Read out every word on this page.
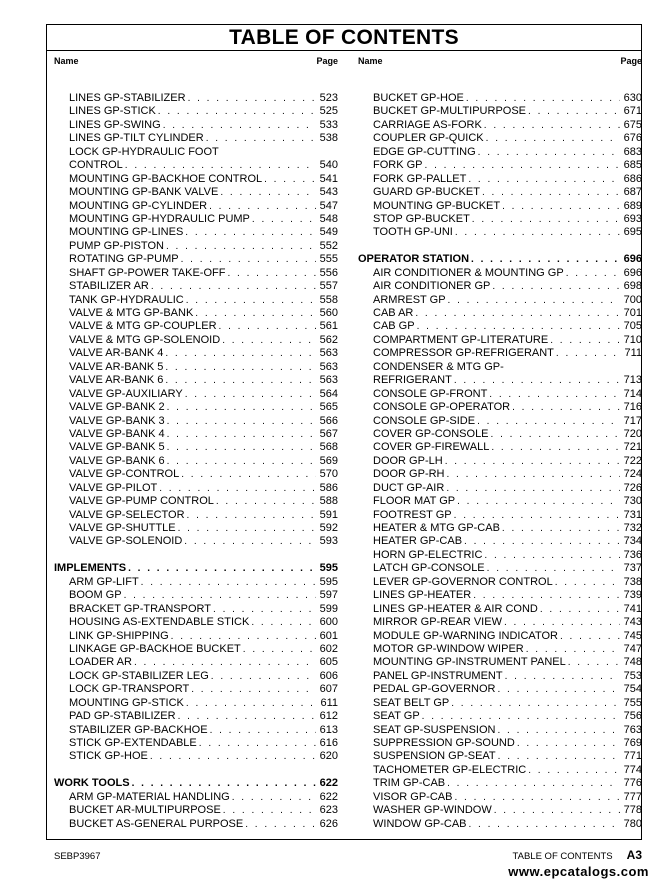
TABLE OF CONTENTS
Name	Page
LINES GP-STABILIZER . . .	523
LINES GP-STICK . . .	525
LINES GP-SWING . . .	533
LINES GP-TILT CYLINDER . . .	538
LOCK GP-HYDRAULIC FOOT
CONTROL . . .	540
MOUNTING GP-BACKHOE CONTROL . . .	541
MOUNTING GP-BANK VALVE . . .	543
MOUNTING GP-CYLINDER . . .	547
MOUNTING GP-HYDRAULIC PUMP . . .	548
MOUNTING GP-LINES . . .	549
PUMP GP-PISTON . . .	552
ROTATING GP-PUMP . . .	555
SHAFT GP-POWER TAKE-OFF . . .	556
STABILIZER AR . . .	557
TANK GP-HYDRAULIC . . .	558
VALVE & MTG GP-BANK . . .	560
VALVE & MTG GP-COUPLER . . .	561
VALVE & MTG GP-SOLENOID . . .	562
VALVE AR-BANK 4 . . .	563
VALVE AR-BANK 5 . . .	563
VALVE AR-BANK 6 . . .	563
VALVE GP-AUXILIARY . . .	564
VALVE GP-BANK 2 . . .	565
VALVE GP-BANK 3 . . .	566
VALVE GP-BANK 4 . . .	567
VALVE GP-BANK 5 . . .	568
VALVE GP-BANK 6 . . .	569
VALVE GP-CONTROL . . .	570
VALVE GP-PILOT . . .	586
VALVE GP-PUMP CONTROL . . .	588
VALVE GP-SELECTOR . . .	591
VALVE GP-SHUTTLE . . .	592
VALVE GP-SOLENOID . . .	593
IMPLEMENTS . . .	595
ARM GP-LIFT . . .	595
BOOM GP . . .	597
BRACKET GP-TRANSPORT . . .	599
HOUSING AS-EXTENDABLE STICK . . .	600
LINK GP-SHIPPING . . .	601
LINKAGE GP-BACKHOE BUCKET . . .	602
LOADER AR . . .	605
LOCK GP-STABILIZER LEG . . .	606
LOCK GP-TRANSPORT . . .	607
MOUNTING GP-STICK . . .	611
PAD GP-STABILIZER . . .	612
STABILIZER GP-BACKHOE . . .	613
STICK GP-EXTENDABLE . . .	616
STICK GP-HOE . . .	620
WORK TOOLS . . .	622
ARM GP-MATERIAL HANDLING . . .	622
BUCKET AR-MULTIPURPOSE . . .	623
BUCKET AS-GENERAL PURPOSE . . .	626
Name	Page
BUCKET GP-HOE . . .	630
BUCKET GP-MULTIPURPOSE . . .	671
CARRIAGE AS-FORK . . .	675
COUPLER GP-QUICK . . .	676
EDGE GP-CUTTING . . .	683
FORK GP . . .	685
FORK GP-PALLET . . .	686
GUARD GP-BUCKET . . .	687
MOUNTING GP-BUCKET . . .	689
STOP GP-BUCKET . . .	693
TOOTH GP-UNI . . .	695
OPERATOR STATION . . .	696
AIR CONDITIONER & MOUNTING GP . . .	696
AIR CONDITIONER GP . . .	698
ARMREST GP . . .	700
CAB AR . . .	701
CAB GP . . .	705
COMPARTMENT GP-LITERATURE . . .	710
COMPRESSOR GP-REFRIGERANT . . .	711
CONDENSER & MTG GP-
REFRIGERANT . . .	713
CONSOLE GP-FRONT . . .	714
CONSOLE GP-OPERATOR . . .	716
CONSOLE GP-SIDE . . .	717
COVER GP-CONSOLE . . .	720
COVER GP-FIREWALL . . .	721
DOOR GP-LH . . .	722
DOOR GP-RH . . .	724
DUCT GP-AIR . . .	726
FLOOR MAT GP . . .	730
FOOTREST GP . . .	731
HEATER & MTG GP-CAB . . .	732
HEATER GP-CAB . . .	734
HORN GP-ELECTRIC . . .	736
LATCH GP-CONSOLE . . .	737
LEVER GP-GOVERNOR CONTROL . . .	738
LINES GP-HEATER . . .	739
LINES GP-HEATER & AIR COND . . .	741
MIRROR GP-REAR VIEW . . .	743
MODULE GP-WARNING INDICATOR . . .	745
MOTOR GP-WINDOW WIPER . . .	747
MOUNTING GP-INSTRUMENT PANEL . . .	748
PANEL GP-INSTRUMENT . . .	753
PEDAL GP-GOVERNOR . . .	754
SEAT BELT GP . . .	755
SEAT GP . . .	756
SEAT GP-SUSPENSION . . .	763
SUPPRESSION GP-SOUND . . .	769
SUSPENSION GP-SEAT . . .	771
TACHOMETER GP-ELECTRIC . . .	774
TRIM GP-CAB . . .	776
VISOR GP-CAB . . .	777
WASHER GP-WINDOW . . .	778
WINDOW GP-CAB . . .	780
SEBP3967	TABLE OF CONTENTS A3
www.epcatalogs.com
